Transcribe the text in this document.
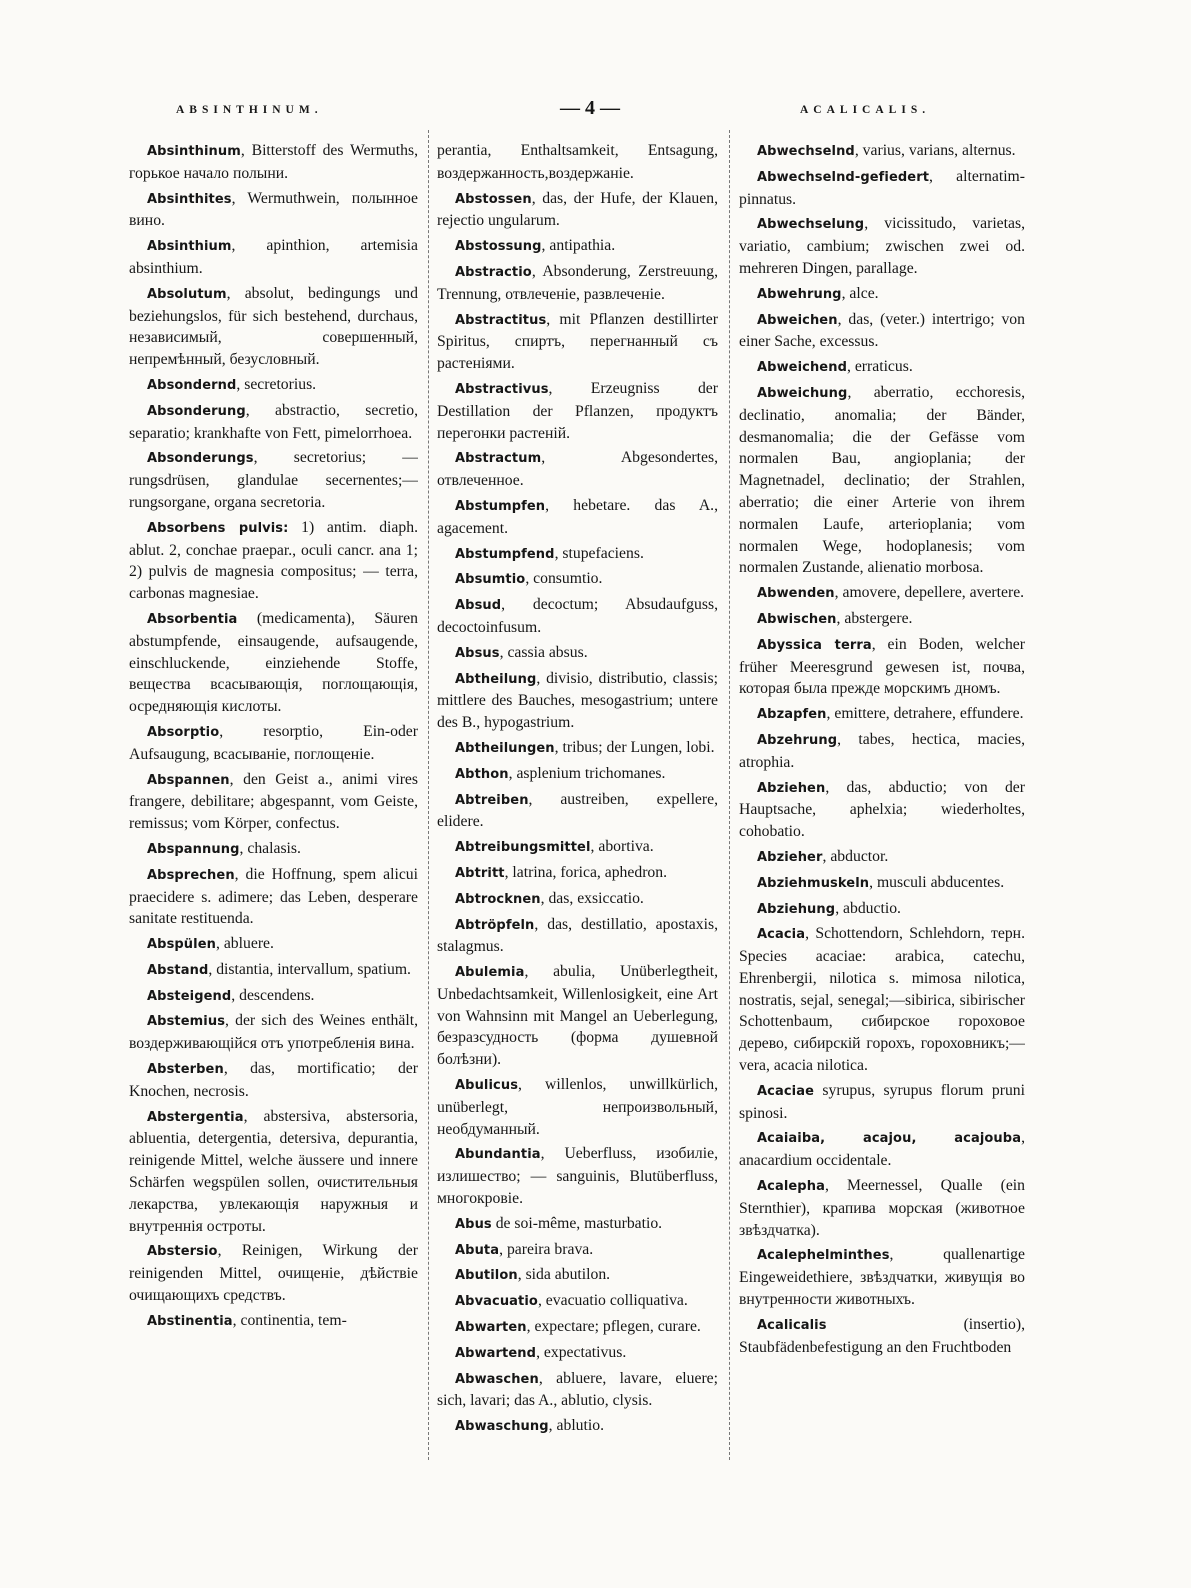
ABSINTHINUM.	— 4 —	ACALICALIS.

Absinthinum, Bitterstoff des Wermuths, горькое начало полыни.

Absinthites, Wermuthwein, полынное вино.

Absinthium, apinthion, artemisia absinthium.

Absolutum, absolut, bedingungs und beziehungslos, für sich bestehend, durchaus, независимый, совершенный, непремѣнный, безусловный.

Absondernd, secretorius.

Absonderung, abstractio, secretio, separatio; krankhafte von Fett, pimelorrhoea.

Absonderungs, secretorius; — rungsdrüsen, glandulae secernentes;—rungsorgane, organa secretoria.

Absorbens pulvis: 1) antim. diaph. ablut. 2, conchae praepar., oculi cancr. ana 1; 2) pulvis de magnesia compositus; — terra, carbonas magnesiae.

Absorbentia (medicamenta), Säuren abstumpfende, einsaugende, aufsaugende, einschluckende, einziehende Stoffe, вещества всасывающія, поглощающія, осредняющія кислоты.

Absorptio, resorptio, Ein-oder Aufsaugung, всасыванiе, поглощенiе.

Abspannen, den Geist a., animi vires frangere, debilitare; abgespannt, vom Geiste, remissus; vom Körper, confectus.

Abspannung, chalasis.

Absprechen, die Hoffnung, spem alicui praecidere s. adimere; das Leben, desperare sanitate restituenda.

Abspülen, abluere.

Abstand, distantia, intervallum, spatium.

Absteigend, descendens.

Abstemius, der sich des Weines enthält, воздерживающiйся отъ употребленія вина.

Absterben, das, mortificatio; der Knochen, necrosis.

Abstergentia, abstersiva, abstersoria, abluentia, detergentia, detersiva, depurantia, reinigende Mittel, welche äussere und innere Schärfen wegspülen sollen, очистительныя лекарства, увлекающія наружныя и внутреннія остроты.

Abstersio, Reinigen, Wirkung der reinigenden Mittel, очищенiе, дѣйствiе очищающихъ средствъ.

Abstinentia, continentia, tem-

perantia, Enthaltsamkeit, Entsagung, воздержанность,воздержанiе.

Abstossen, das, der Hufe, der Klauen, rejectio ungularum.

Abstossung, antipathia.

Abstractio, Absonderung, Zerstreuung, Trennung, отвлеченiе, развлеченiе.

Abstractitus, mit Pflanzen destillirter Spiritus, спиртъ, перегнанный съ растенiями.

Abstractivus, Erzeugniss der Destillation der Pflanzen, продуктъ перегонки растенiй.

Abstractum, Abgesondertes, отвлеченное.

Abstumpfen, hebetare. das A., agacement.

Abstumpfend, stupefaciens.

Absumtio, consumtio.

Absud, decoctum; Absudaufguss, decoctoinfusum.

Absus, cassia absus.

Abtheilung, divisio, distributio, classis; mittlere des Bauches, mesogastrium; untere des B., hypogastrium.

Abtheilungen, tribus; der Lungen, lobi.

Abthon, asplenium trichomanes.

Abtreiben, austreiben, expellere, elidere.

Abtreibungsmittel, abortiva.

Abtritt, latrina, forica, aphedron.

Abtrocknen, das, exsiccatio.

Abtröpfeln, das, destillatio, apostaxis, stalagmus.

Abulemia, abulia, Unüberlegtheit, Unbedachtsamkeit, Willenlosigkeit, eine Art von Wahnsinn mit Mangel an Ueberlegung, безразсудность (форма душевной болѣзни).

Abulicus, willenlos, unwillkürlich, unüberlegt, непроизвольный, необдуманный.

Abundantia, Ueberfluss, изобилiе, излишество; — sanguinis, Blutüberfluss, многокровiе.

Abus de soi-même, masturbatio.

Abuta, pareira brava.

Abutilon, sida abutilon.

Abvacuatio, evacuatio colliquativa.

Abwarten, expectare; pflegen, curare.

Abwartend, expectativus.

Abwaschen, abluere, lavare, eluere; sich, lavari; das A., ablutio, clysis.

Abwaschung, ablutio.

Abwechselnd, varius, varians, alternus.

Abwechselnd-gefiedert, alternatim-pinnatus.

Abwechselung, vicissitudo, varietas, variatio, cambium; zwischen zwei od. mehreren Dingen, parallage.

Abwehrung, alce.

Abweichen, das, (veter.) intertrigo; von einer Sache, excessus.

Abweichend, erraticus.

Abweichung, aberratio, ecchoresis, declinatio, anomalia; der Bänder, desmanomalia; die der Gefässe vom normalen Bau, angioplania; der Magnetnadel, declinatio; der Strahlen, aberratio; die einer Arterie von ihrem normalen Laufe, arterioplania; vom normalen Wege, hodoplanesis; vom normalen Zustande, alienatio morbosa.

Abwenden, amovere, depellere, avertere.

Abwischen, abstergere.

Abyssica terra, ein Boden, welcher früher Meeresgrund gewesen ist, почва, которая была прежде морскимъ дномъ.

Abzapfen, emittere, detrahere, effundere.

Abzehrung, tabes, hectica, macies, atrophia.

Abziehen, das, abductio; von der Hauptsache, aphelxia; wiederholtes, cohobatio.

Abzieher, abductor.

Abziehmuskeln, musculi abducentes.

Abziehung, abductio.

Acacia, Schottendorn, Schlehdorn, терн. Species acaciae: arabica, catechu, Ehrenbergii, nilotica s. mimosa nilotica, nostratis, sejal, senegal;—sibirica, sibirischer Schottenbaum, сибирское гороховое дерево, сибирскій горохъ, гороховникъ;—vera, acacia nilotica.

Acaciae syrupus, syrupus florum pruni spinosi.

Acaiaiba, acajou, acajouba, anacardium occidentale.

Acalepha, Meernessel, Qualle (ein Sternthier), крапива морская (животное звѣздчатка).

Acalephelminthes, quallenartige Eingeweidethiere, звѣздчатки, живущія во внутренности животныхъ.

Acalicalis (insertio), Staubfädenbefestigung an den Fruchtboden
